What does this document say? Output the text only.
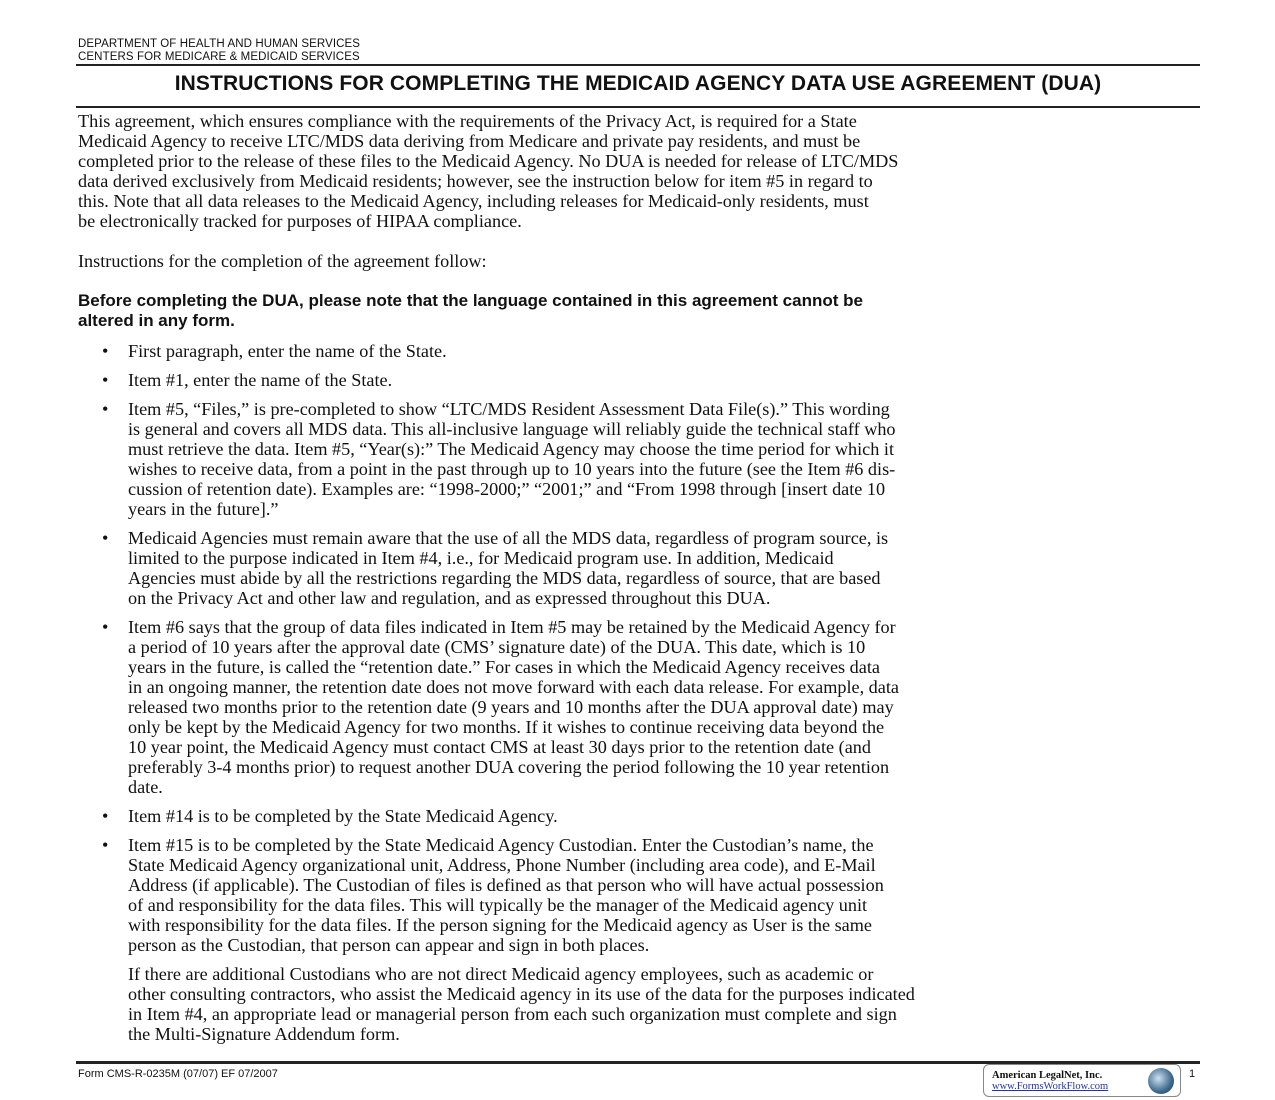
DEPARTMENT OF HEALTH AND HUMAN SERVICES
CENTERS FOR MEDICARE & MEDICAID SERVICES
INSTRUCTIONS FOR COMPLETING THE MEDICAID AGENCY DATA USE AGREEMENT (DUA)
This agreement, which ensures compliance with the requirements of the Privacy Act, is required for a State
Medicaid Agency to receive LTC/MDS data deriving from Medicare and private pay residents, and must be
completed prior to the release of these files to the Medicaid Agency. No DUA is needed for release of LTC/MDS
data derived exclusively from Medicaid residents; however, see the instruction below for item #5 in regard to
this. Note that all data releases to the Medicaid Agency, including releases for Medicaid-only residents, must
be electronically tracked for purposes of HIPAA compliance.
Instructions for the completion of the agreement follow:
Before completing the DUA, please note that the language contained in this agreement cannot be
altered in any form.
• First paragraph, enter the name of the State.
• Item #1, enter the name of the State.
• Item #5, “Files,” is pre-completed to show “LTC/MDS Resident Assessment Data File(s).” This wording
is general and covers all MDS data. This all-inclusive language will reliably guide the technical staff who
must retrieve the data. Item #5, “Year(s):” The Medicaid Agency may choose the time period for which it
wishes to receive data, from a point in the past through up to 10 years into the future (see the Item #6 dis-
cussion of retention date). Examples are: “1998-2000;” “2001;” and “From 1998 through [insert date 10
years in the future].”
• Medicaid Agencies must remain aware that the use of all the MDS data, regardless of program source, is
limited to the purpose indicated in Item #4, i.e., for Medicaid program use. In addition, Medicaid
Agencies must abide by all the restrictions regarding the MDS data, regardless of source, that are based
on the Privacy Act and other law and regulation, and as expressed throughout this DUA.
• Item #6 says that the group of data files indicated in Item #5 may be retained by the Medicaid Agency for
a period of 10 years after the approval date (CMS’ signature date) of the DUA. This date, which is 10
years in the future, is called the “retention date.” For cases in which the Medicaid Agency receives data
in an ongoing manner, the retention date does not move forward with each data release. For example, data
released two months prior to the retention date (9 years and 10 months after the DUA approval date) may
only be kept by the Medicaid Agency for two months. If it wishes to continue receiving data beyond the
10 year point, the Medicaid Agency must contact CMS at least 30 days prior to the retention date (and
preferably 3-4 months prior) to request another DUA covering the period following the 10 year retention
date.
• Item #14 is to be completed by the State Medicaid Agency.
• Item #15 is to be completed by the State Medicaid Agency Custodian. Enter the Custodian’s name, the
State Medicaid Agency organizational unit, Address, Phone Number (including area code), and E-Mail
Address (if applicable). The Custodian of files is defined as that person who will have actual possession
of and responsibility for the data files. This will typically be the manager of the Medicaid agency unit
with responsibility for the data files. If the person signing for the Medicaid agency as User is the same
person as the Custodian, that person can appear and sign in both places.
If there are additional Custodians who are not direct Medicaid agency employees, such as academic or
other consulting contractors, who assist the Medicaid agency in its use of the data for the purposes indicated
in Item #4, an appropriate lead or managerial person from each such organization must complete and sign
the Multi-Signature Addendum form.
Form CMS-R-0235M (07/07) EF 07/2007	American LegalNet, Inc.
www.FormsWorkFlow.com
1
